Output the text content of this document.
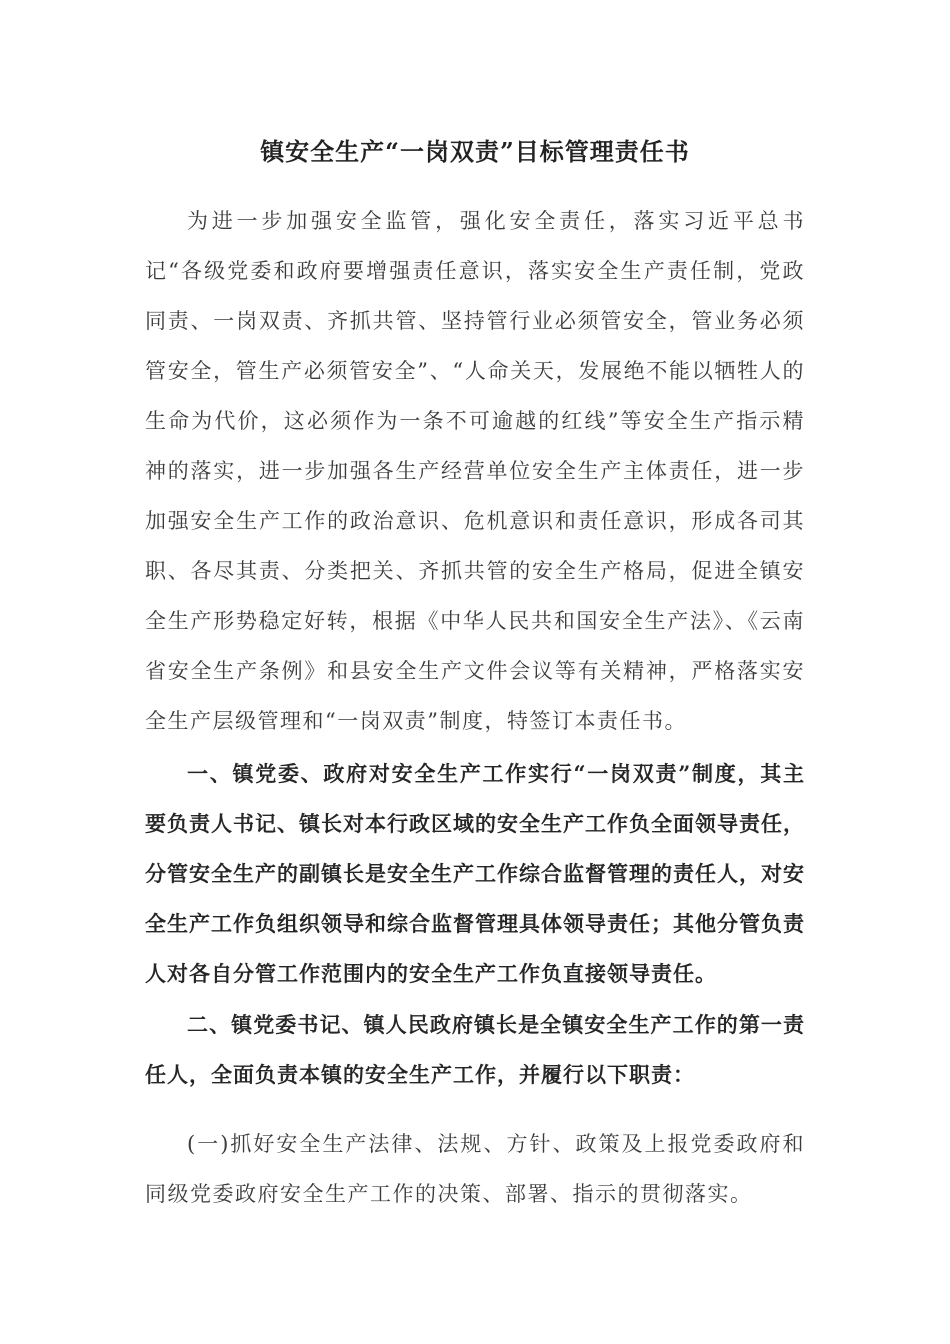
镇安全生产“一岗双责”目标管理责任书

为进一步加强安全监管，强化安全责任，落实习近平总书记“各级党委和政府要增强责任意识，落实安全生产责任制，党政同责、一岗双责、齐抓共管、坚持管行业必须管安全，管业务必须管安全，管生产必须管安全”、“人命关天，发展绝不能以牺牲人的生命为代价，这必须作为一条不可逾越的红线”等安全生产指示精神的落实，进一步加强各生产经营单位安全生产主体责任，进一步加强安全生产工作的政治意识、危机意识和责任意识，形成各司其职、各尽其责、分类把关、齐抓共管的安全生产格局，促进全镇安全生产形势稳定好转，根据《中华人民共和国安全生产法》、《云南省安全生产条例》和县安全生产文件会议等有关精神，严格落实安全生产层级管理和“一岗双责”制度，特签订本责任书。

一、镇党委、政府对安全生产工作实行“一岗双责”制度，其主要负责人书记、镇长对本行政区域的安全生产工作负全面领导责任，分管安全生产的副镇长是安全生产工作综合监督管理的责任人，对安全生产工作负组织领导和综合监督管理具体领导责任；其他分管负责人对各自分管工作范围内的安全生产工作负直接领导责任。

二、镇党委书记、镇人民政府镇长是全镇安全生产工作的第一责任人，全面负责本镇的安全生产工作，并履行以下职责：

(一)抓好安全生产法律、法规、方针、政策及上报党委政府和同级党委政府安全生产工作的决策、部署、指示的贯彻落实。
